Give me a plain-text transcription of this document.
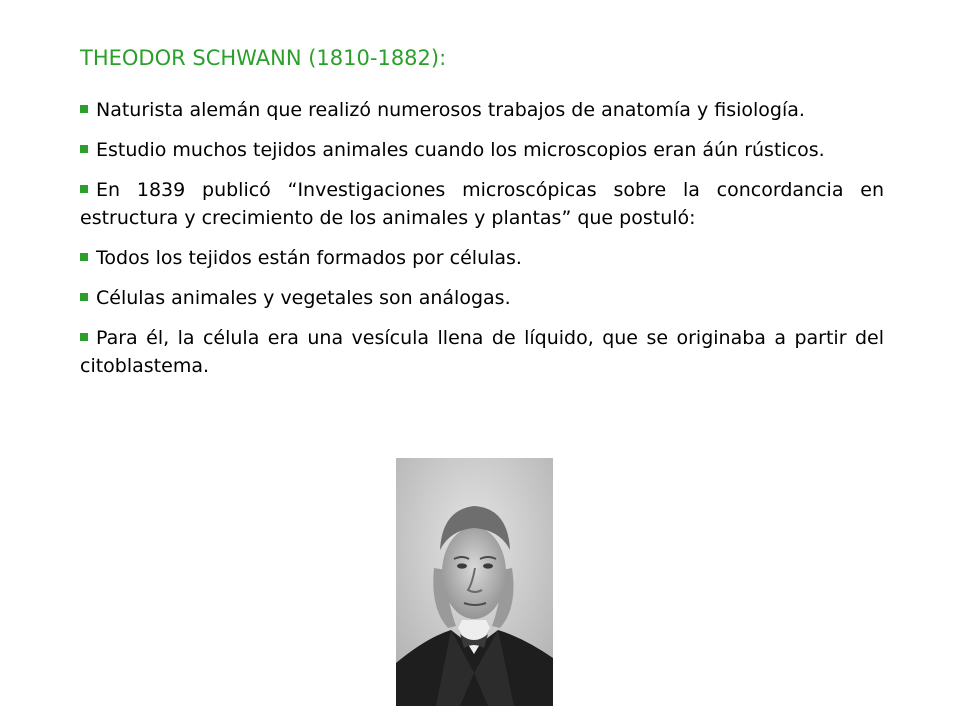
THEODOR SCHWANN (1810-1882):
Naturista alemán que realizó numerosos trabajos de anatomía y fisiología.
Estudio muchos tejidos animales cuando los microscopios eran áún rústicos.
En 1839 publicó “Investigaciones microscópicas sobre la concordancia en estructura y crecimiento de los animales y plantas” que postuló:
Todos los tejidos están formados por células.
Células animales y vegetales son análogas.
Para él, la célula era una vesícula llena de líquido, que se originaba a partir del citoblastema.
